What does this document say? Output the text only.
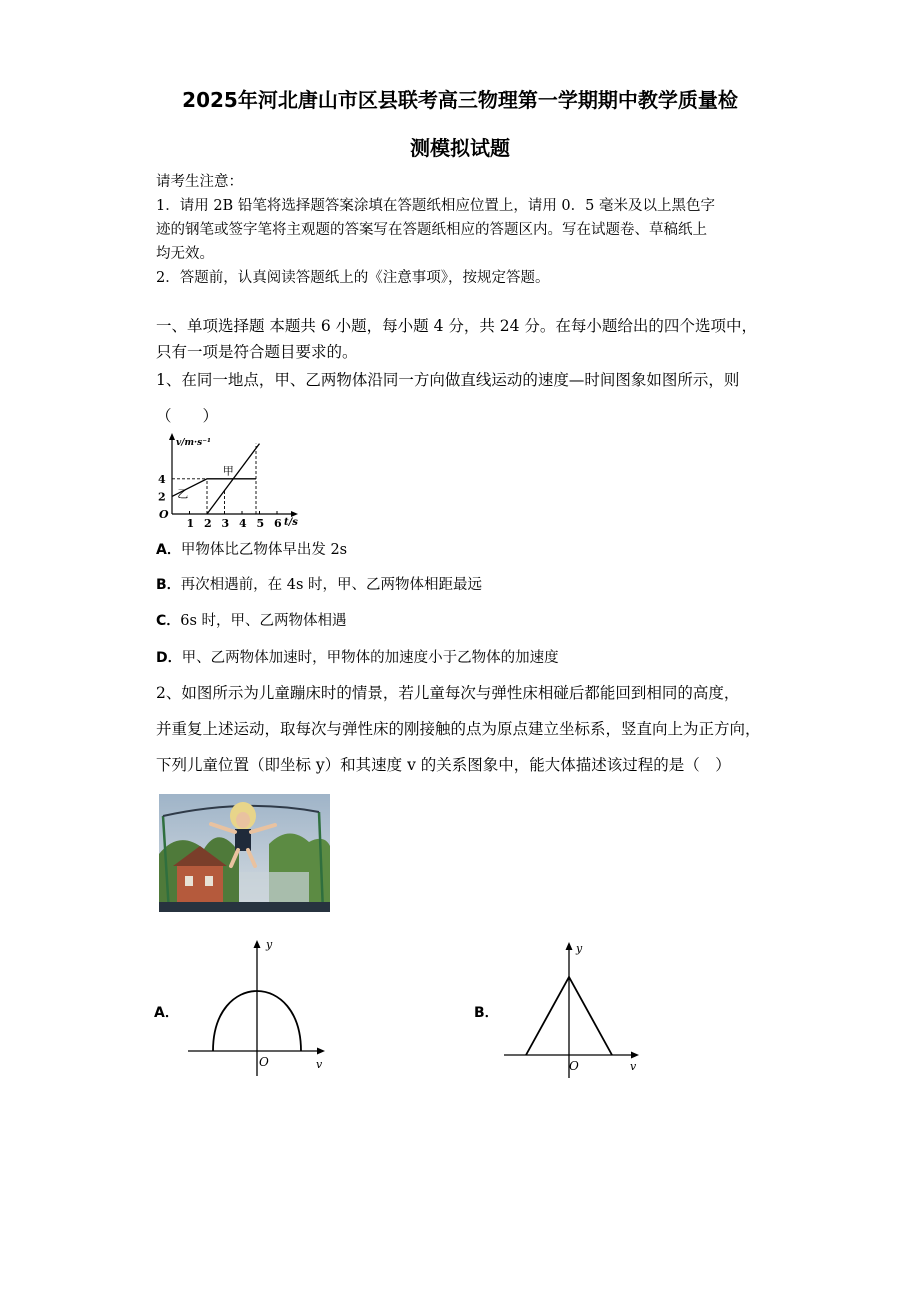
2025年河北唐山市区县联考高三物理第一学期期中教学质量检
测模拟试题
请考生注意：
1．请用 2B 铅笔将选择题答案涂填在答题纸相应位置上，请用 0．5 毫米及以上黑色字
迹的钢笔或签字笔将主观题的答案写在答题纸相应的答题区内。写在试题卷、草稿纸上
均无效。
2．答题前，认真阅读答题纸上的《注意事项》，按规定答题。
一、单项选择题 本题共 6 小题，每小题 4 分，共 24 分。在每小题给出的四个选项中，
只有一项是符合题目要求的。
1、在同一地点，甲、乙两物体沿同一方向做直线运动的速度—时间图象如图所示，则
（　　）
v/m·s⁻¹
t/s
O
1 2 3 4 5 6
2
4
甲
乙
A．甲物体比乙物体早出发 2s
B．再次相遇前，在 4s 时，甲、乙两物体相距最远
C．6s 时，甲、乙两物体相遇
D．甲、乙两物体加速时，甲物体的加速度小于乙物体的加速度
2、如图所示为儿童蹦床时的情景，若儿童每次与弹性床相碰后都能回到相同的高度，
并重复上述运动，取每次与弹性床的刚接触的点为原点建立坐标系，竖直向上为正方向，
下列儿童位置（即坐标 y）和其速度 v 的关系图象中，能大体描述该过程的是（　）
A．
y
v
O
B．
y
v
O
